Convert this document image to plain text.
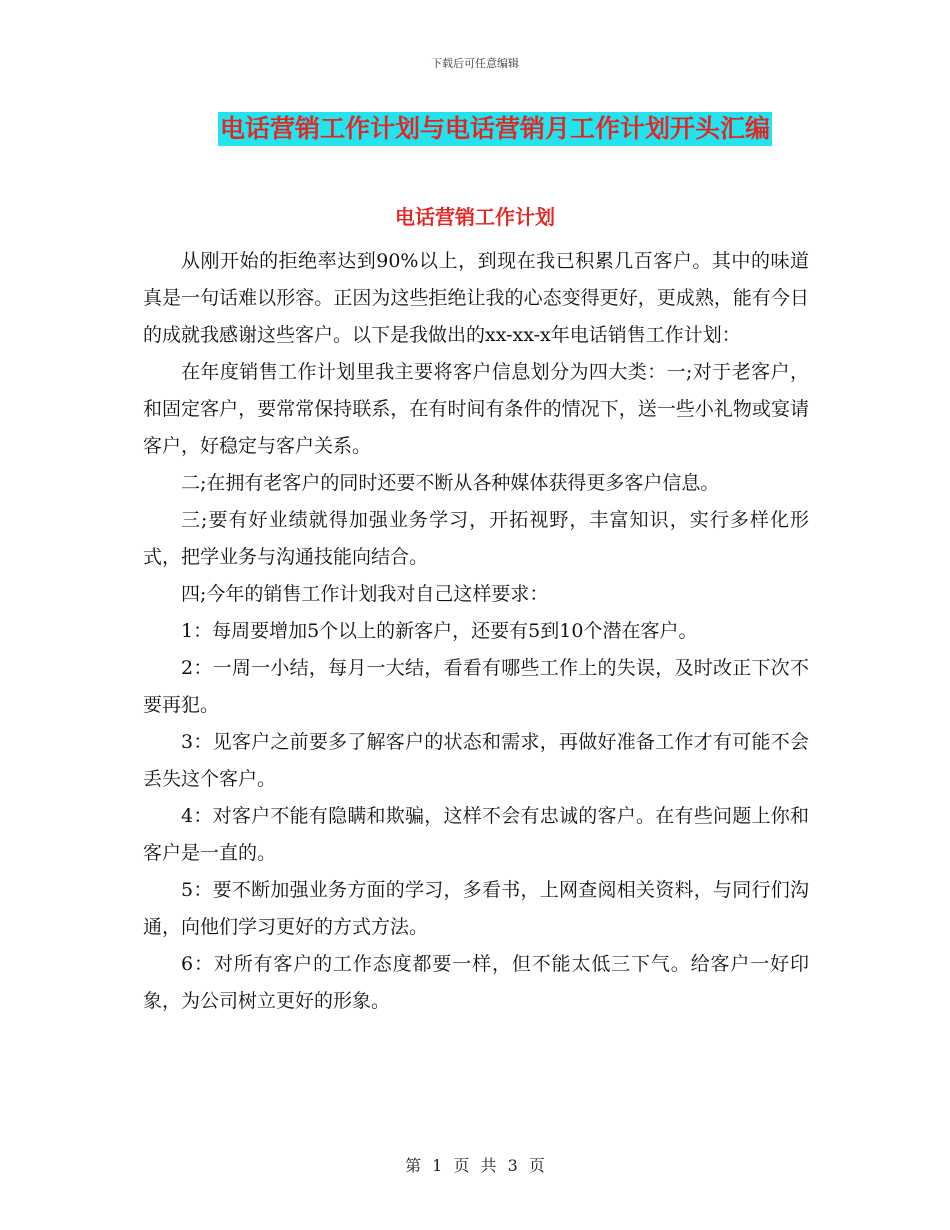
下载后可任意编辑
电话营销工作计划与电话营销月工作计划开头汇编
电话营销工作计划

从刚开始的拒绝率达到90%以上，到现在我已积累几百客户。其中的味道真是一句话难以形容。正因为这些拒绝让我的心态变得更好，更成熟，能有今日的成就我感谢这些客户。以下是我做出的xx-xx-x年电话销售工作计划：

在年度销售工作计划里我主要将客户信息划分为四大类：一;对于老客户，和固定客户，要常常保持联系，在有时间有条件的情况下，送一些小礼物或宴请客户，好稳定与客户关系。

二;在拥有老客户的同时还要不断从各种媒体获得更多客户信息。

三;要有好业绩就得加强业务学习，开拓视野，丰富知识，实行多样化形式，把学业务与沟通技能向结合。

四;今年的销售工作计划我对自己这样要求：

1：每周要增加5个以上的新客户，还要有5到10个潜在客户。

2：一周一小结，每月一大结，看看有哪些工作上的失误，及时改正下次不要再犯。

3：见客户之前要多了解客户的状态和需求，再做好准备工作才有可能不会丢失这个客户。

4：对客户不能有隐瞒和欺骗，这样不会有忠诚的客户。在有些问题上你和客户是一直的。

5：要不断加强业务方面的学习，多看书，上网查阅相关资料，与同行们沟通，向他们学习更好的方式方法。

6：对所有客户的工作态度都要一样，但不能太低三下气。给客户一好印象，为公司树立更好的形象。

第 1 页 共 3 页
